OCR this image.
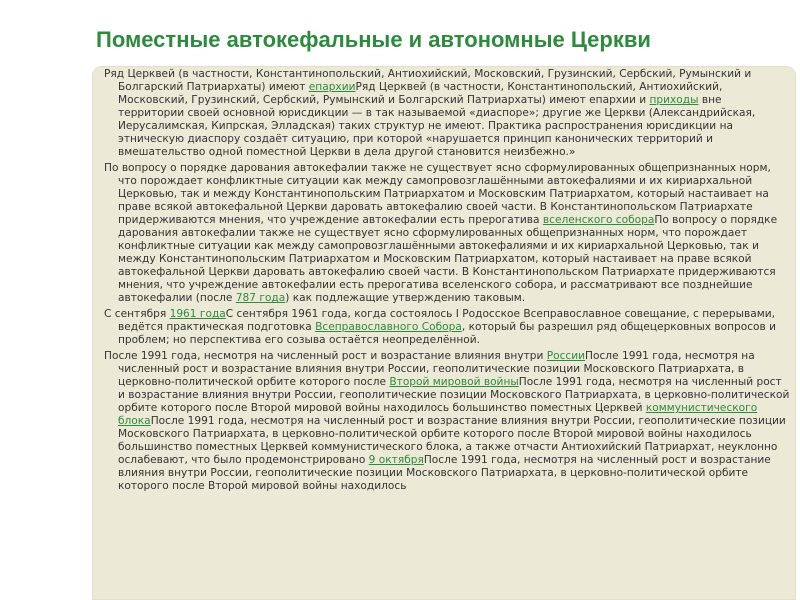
Поместные автокефальные и автономные Церкви

Ряд Церквей (в частности, Константинопольский, Антиохийский, Московский, Грузинский, Сербский, Румынский и Болгарский Патриархаты) имеют епархииРяд Церквей (в частности, Константинопольский, Антиохийский, Московский, Грузинский, Сербский, Румынский и Болгарский Патриархаты) имеют епархии и приходы вне территории своей основной юрисдикции — в так называемой «диаспоре»; другие же Церкви (Александрийская, Иерусалимская, Кипрская, Элладская) таких структур не имеют. Практика распространения юрисдикции на этническую диаспору создаёт ситуацию, при которой «нарушается принцип канонических территорий и вмешательство одной поместной Церкви в дела другой становится неизбежно.»

По вопросу о порядке дарования автокефалии также не существует ясно сформулированных общепризнанных норм, что порождает конфликтные ситуации как между самопровозглашёнными автокефалиями и их кириархальной Церковью, так и между Константинопольским Патриархатом и Московским Патриархатом, который настаивает на праве всякой автокефальной Церкви даровать автокефалию своей части. В Константинопольском Патриархате придерживаются мнения, что учреждение автокефалии есть прерогатива вселенского собораПо вопросу о порядке дарования автокефалии также не существует ясно сформулированных общепризнанных норм, что порождает конфликтные ситуации как между самопровозглашёнными автокефалиями и их кириархальной Церковью, так и между Константинопольским Патриархатом и Московским Патриархатом, который настаивает на праве всякой автокефальной Церкви даровать автокефалию своей части. В Константинопольском Патриархате придерживаются мнения, что учреждение автокефалии есть прерогатива вселенского собора, и рассматривают все позднейшие автокефалии (после 787 года) как подлежащие утверждению таковым.

С сентября 1961 годаС сентября 1961 года, когда состоялось I Родосское Всеправославное совещание, с перерывами, ведётся практическая подготовка Всеправославного Собора, который бы разрешил ряд общецерковных вопросов и проблем; но перспектива его созыва остаётся неопределённой.

После 1991 года, несмотря на численный рост и возрастание влияния внутри РоссииПосле 1991 года, несмотря на численный рост и возрастание влияния внутри России, геополитические позиции Московского Патриархата, в церковно-политической орбите которого после Второй мировой войныПосле 1991 года, несмотря на численный рост и возрастание влияния внутри России, геополитические позиции Московского Патриархата, в церковно-политической орбите которого после Второй мировой войны находилось большинство поместных Церквей коммунистического блокаПосле 1991 года, несмотря на численный рост и возрастание влияния внутри России, геополитические позиции Московского Патриархата, в церковно-политической орбите которого после Второй мировой войны находилось большинство поместных Церквей коммунистического блока, а также отчасти Антиохийский Патриархат, неуклонно ослабевают, что было продемонстрировано 9 октябряПосле 1991 года, несмотря на численный рост и возрастание влияния внутри России, геополитические позиции Московского Патриархата, в церковно-политической орбите которого после Второй мировой войны находилось
